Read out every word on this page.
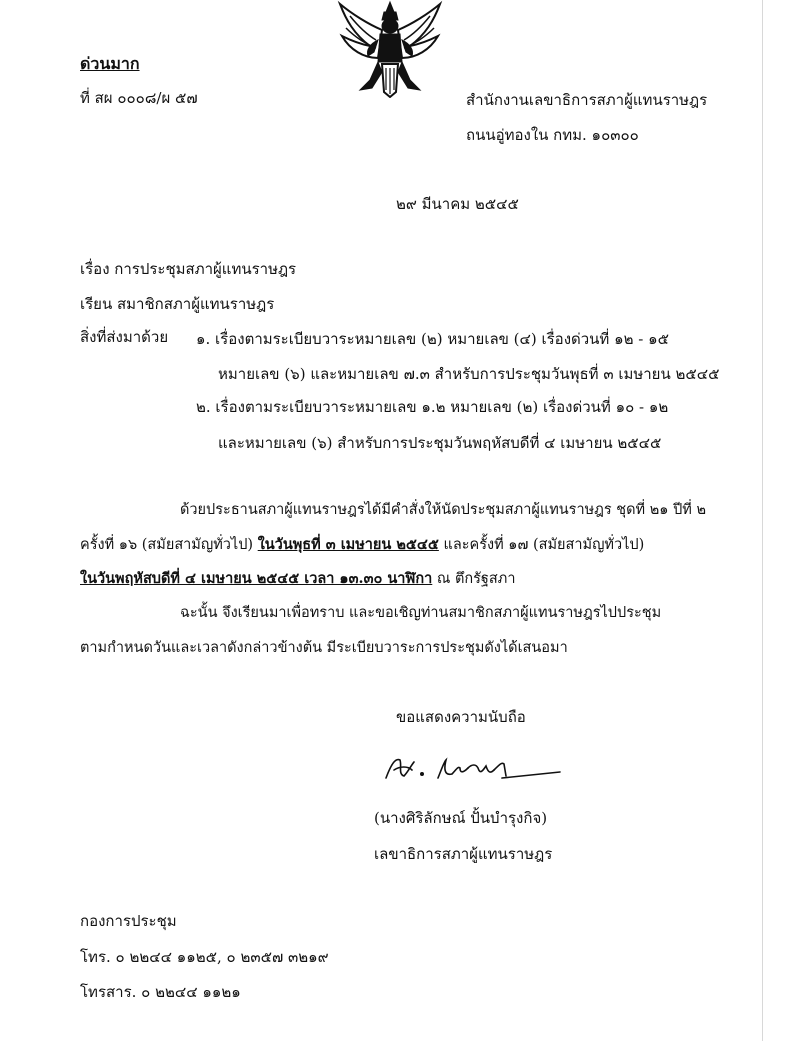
ด่วนมาก
ที่ สผ ๐๐๐๘/ผ ๕๗	สำนักงานเลขาธิการสภาผู้แทนราษฎร
ถนนอู่ทองใน กทม. ๑๐๓๐๐
๒๙ มีนาคม ๒๕๔๕
เรื่อง การประชุมสภาผู้แทนราษฎร
เรียน สมาชิกสภาผู้แทนราษฎร
สิ่งที่ส่งมาด้วย ๑. เรื่องตามระเบียบวาระหมายเลข (๒) หมายเลข (๔) เรื่องด่วนที่ ๑๒ - ๑๕
หมายเลข (๖) และหมายเลข ๗.๓ สำหรับการประชุมวันพุธที่ ๓ เมษายน ๒๕๔๕
๒. เรื่องตามระเบียบวาระหมายเลข ๑.๒ หมายเลข (๒) เรื่องด่วนที่ ๑๐ - ๑๒
และหมายเลข (๖) สำหรับการประชุมวันพฤหัสบดีที่ ๔ เมษายน ๒๕๔๕
ด้วยประธานสภาผู้แทนราษฎรได้มีคำสั่งให้นัดประชุมสภาผู้แทนราษฎร ชุดที่ ๒๑ ปีที่ ๒
ครั้งที่ ๑๖ (สมัยสามัญทั่วไป) ในวันพุธที่ ๓ เมษายน ๒๕๔๕ และครั้งที่ ๑๗ (สมัยสามัญทั่วไป)
ในวันพฤหัสบดีที่ ๔ เมษายน ๒๕๔๕ เวลา ๑๓.๓๐ นาฬิกา ณ ตึกรัฐสภา
ฉะนั้น จึงเรียนมาเพื่อทราบ และขอเชิญท่านสมาชิกสภาผู้แทนราษฎรไปประชุม
ตามกำหนดวันและเวลาดังกล่าวข้างต้น มีระเบียบวาระการประชุมดังได้เสนอมา
ขอแสดงความนับถือ
(นางศิริลักษณ์ ปั้นบำรุงกิจ)
เลขาธิการสภาผู้แทนราษฎร
กองการประชุม
โทร. ๐ ๒๒๔๔ ๑๑๒๕, ๐ ๒๓๕๗ ๓๒๑๙
โทรสาร. ๐ ๒๒๔๔ ๑๑๒๑
